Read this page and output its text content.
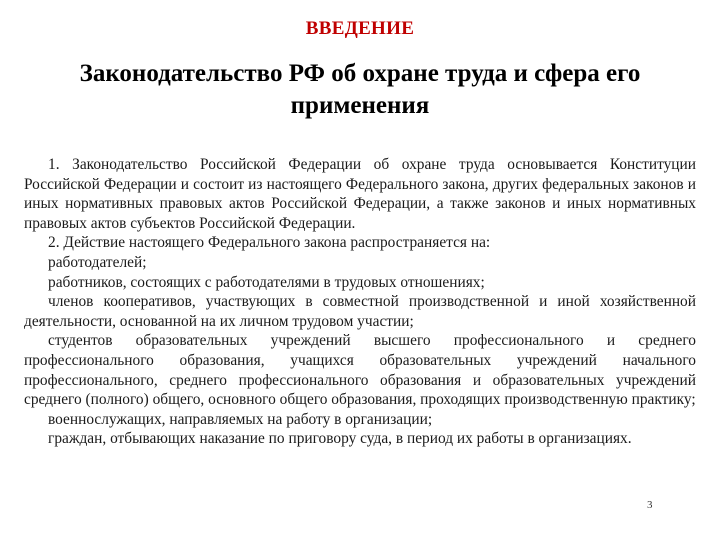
ВВЕДЕНИЕ
Законодательство РФ об охране труда и сфера его применения

1. Законодательство Российской Федерации об охране труда основывается Конституции Российской Федерации и состоит из настоящего Федерального закона, других федеральных законов и иных нормативных правовых актов Российской Федерации, а также законов и иных нормативных правовых актов субъектов Российской Федерации.

2. Действие настоящего Федерального закона распространяется на:

работодателей;

работников, состоящих с работодателями в трудовых отношениях;

членов кооперативов, участвующих в совместной производственной и иной хозяйственной деятельности, основанной на их личном трудовом участии;

студентов образовательных учреждений высшего профессионального и среднего профессионального образования, учащихся образовательных учреждений начального профессионального, среднего профессионального образования и образовательных учреждений среднего (полного) общего, основного общего образования, проходящих производственную практику;

военнослужащих, направляемых на работу в организации;

граждан, отбывающих наказание по приговору суда, в период их работы в организациях.

3
